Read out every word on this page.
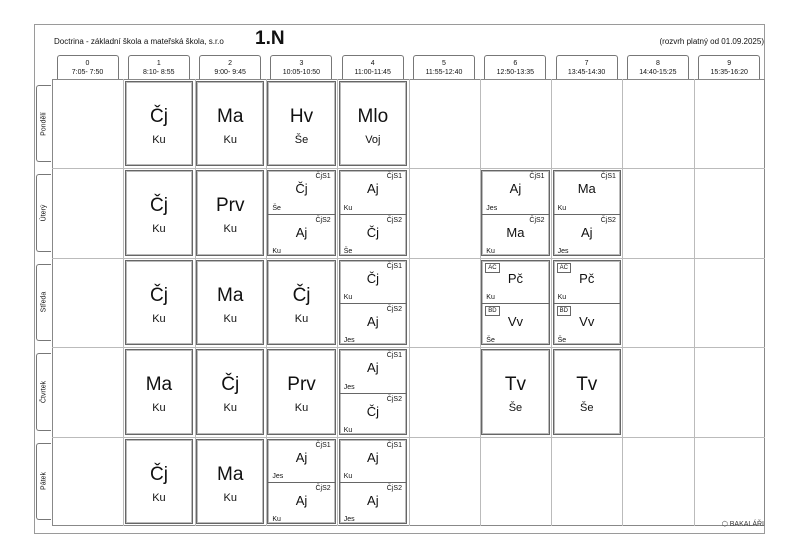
Doctrina - základní škola a mateřská škola, s.r.o 1.N	(rozvrh platný od 01.09.2025)
0
7:05- 7:50
1
8:10- 8:55
2
9:00- 9:45
3
10:05-10:50
4
11:00-11:45
5
11:55-12:40
6
12:50-13:35
7
13:45-14:30
8
14:40-15:25
9
15:35-16:20
Pondělí
Úterý
Středa
Čtvrtek
Pátek
Čj
Ku
Ma
Ku
Hv
Še
Mlo
Voj
Čj
Ku
Prv
Ku
ČjS1
Čj
Še
ČjS2
Aj
Ku
ČjS1
Aj
Ku
ČjS2
Čj
Še
ČjS1
Aj
Jes
ČjS2
Ma
Ku
ČjS1
Ma
Ku
ČjS2
Aj
Jes
Čj
Ku
Ma
Ku
Čj
Ku
ČjS1
Čj
Ku
ČjS2
Aj
Jes
AC
Pč
Ku
BD
Vv
Še
AC
Pč
Ku
BD
Vv
Še
Ma
Ku
Čj
Ku
Prv
Ku
ČjS1
Aj
Jes
ČjS2
Čj
Ku
Tv
Še
Tv
Še
Čj
Ku
Ma
Ku
ČjS1
Aj
Jes
ČjS2
Aj
Ku
ČjS1
Aj
Ku
ČjS2
Aj
Jes
⬡ BAKALÁŘI
